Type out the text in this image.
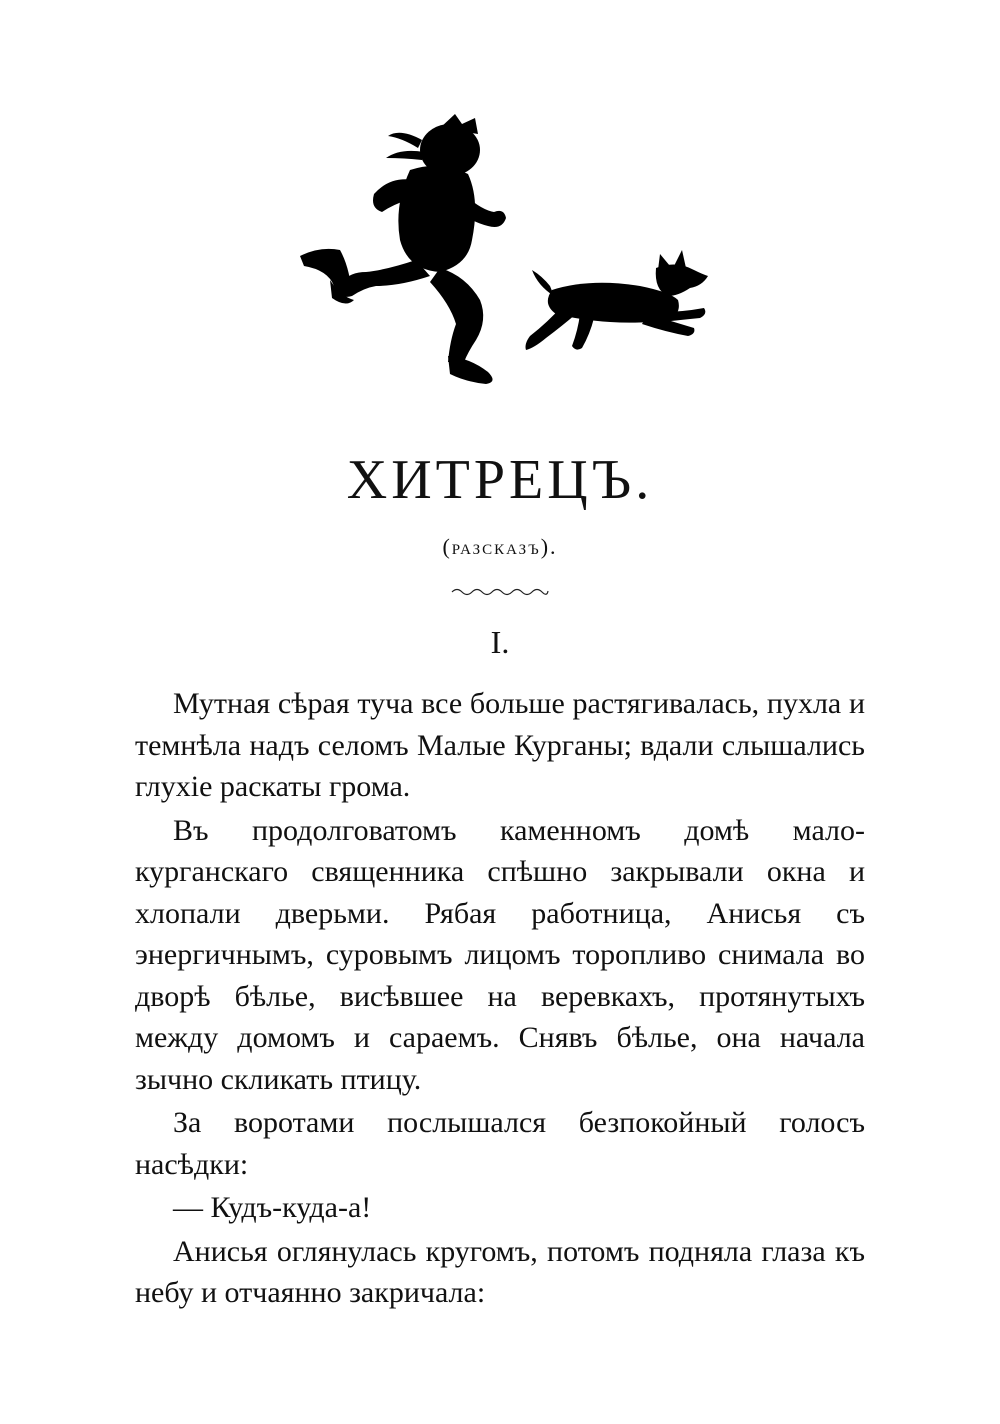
ХИТРЕЦЪ.
(разсказъ).
I.

Мутная сѣрая туча все больше растягивалась, пухла и темнѣла надъ селомъ Малые Курганы; вдали слышались глухіе раскаты грома.

Въ продолговатомъ каменномъ домѣ мало-курганскаго священника спѣшно закрывали окна и хлопали дверьми. Рябая работница, Анисья съ энергичнымъ, суровымъ лицомъ торопливо снимала во дворѣ бѣлье, висѣвшее на веревкахъ, протянутыхъ между домомъ и сараемъ. Снявъ бѣлье, она начала зычно скликать птицу.

За воротами послышался безпокойный голосъ насѣдки:

— Кудъ-куда-а!

Анисья оглянулась кругомъ, потомъ подняла глаза къ небу и отчаянно закричала:
